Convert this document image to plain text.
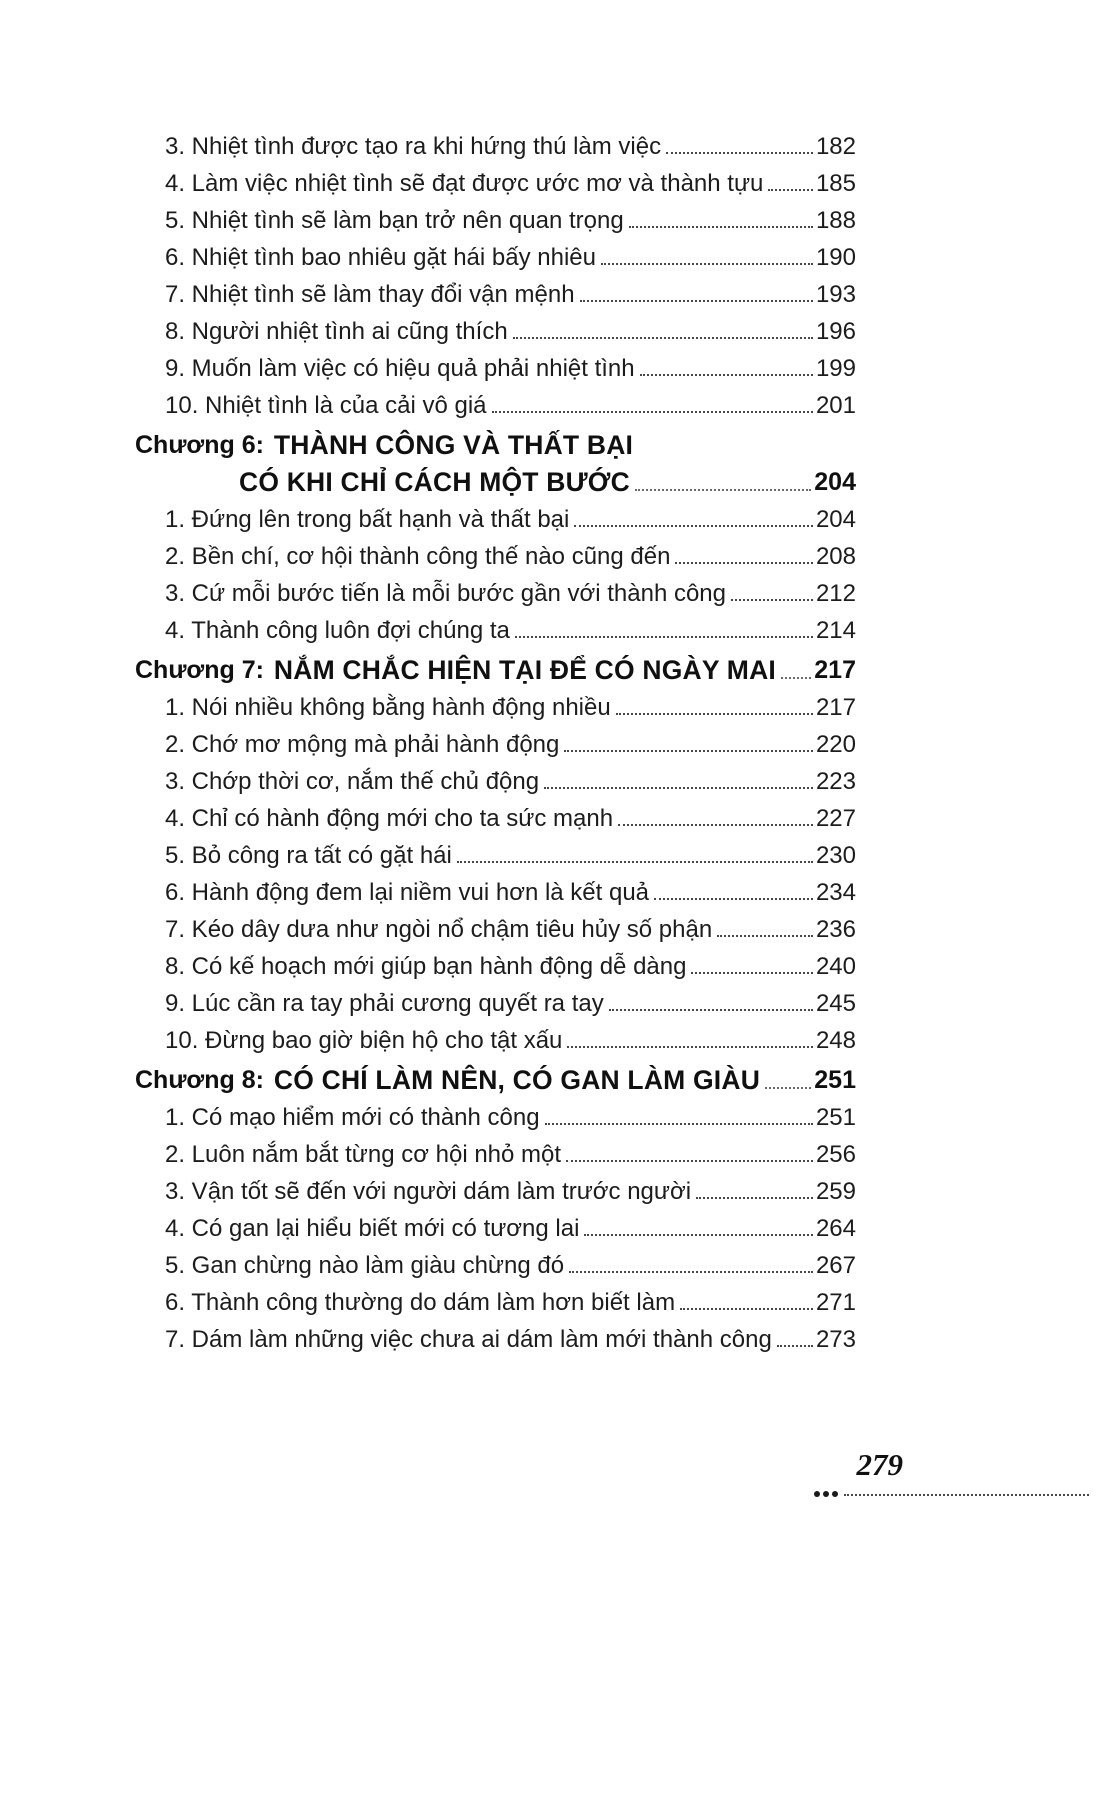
3. Nhiệt tình được tạo ra khi hứng thú làm việc	182
4. Làm việc nhiệt tình sẽ đạt được ước mơ và thành tựu 185
5. Nhiệt tình sẽ làm bạn trở nên quan trọng	188
6. Nhiệt tình bao nhiêu gặt hái bấy nhiêu	190
7. Nhiệt tình sẽ làm thay đổi vận mệnh	193
8. Người nhiệt tình ai cũng thích	196
9. Muốn làm việc có hiệu quả phải nhiệt tình	199
10. Nhiệt tình là của cải vô giá	201
Chương 6: THÀNH CÔNG VÀ THẤT BẠI
CÓ KHI CHỈ CÁCH MỘT BƯỚC	204
1. Đứng lên trong bất hạnh và thất bại	204
2. Bền chí, cơ hội thành công thế nào cũng đến	208
3. Cứ mỗi bước tiến là mỗi bước gần với thành công	212
4. Thành công luôn đợi chúng ta	214
Chương 7: NẮM CHẮC HIỆN TẠI ĐỂ CÓ NGÀY MAI 217
1. Nói nhiều không bằng hành động nhiều	217
2. Chớ mơ mộng mà phải hành động	220
3. Chớp thời cơ, nắm thế chủ động	223
4. Chỉ có hành động mới cho ta sức mạnh	227
5. Bỏ công ra tất có gặt hái	230
6. Hành động đem lại niềm vui hơn là kết quả	234
7. Kéo dây dưa như ngòi nổ chậm tiêu hủy số phận	236
8. Có kế hoạch mới giúp bạn hành động dễ dàng	240
9. Lúc cần ra tay phải cương quyết ra tay	245
10. Đừng bao giờ biện hộ cho tật xấu	248
Chương 8: CÓ CHÍ LÀM NÊN, CÓ GAN LÀM GIÀU 251
1. Có mạo hiểm mới có thành công	251
2. Luôn nắm bắt từng cơ hội nhỏ một	256
3. Vận tốt sẽ đến với người dám làm trước người	259
4. Có gan lại hiểu biết mới có tương lai	264
5. Gan chừng nào làm giàu chừng đó	267
6. Thành công thường do dám làm hơn biết làm	271
7. Dám làm những việc chưa ai dám làm mới thành công 273
279
